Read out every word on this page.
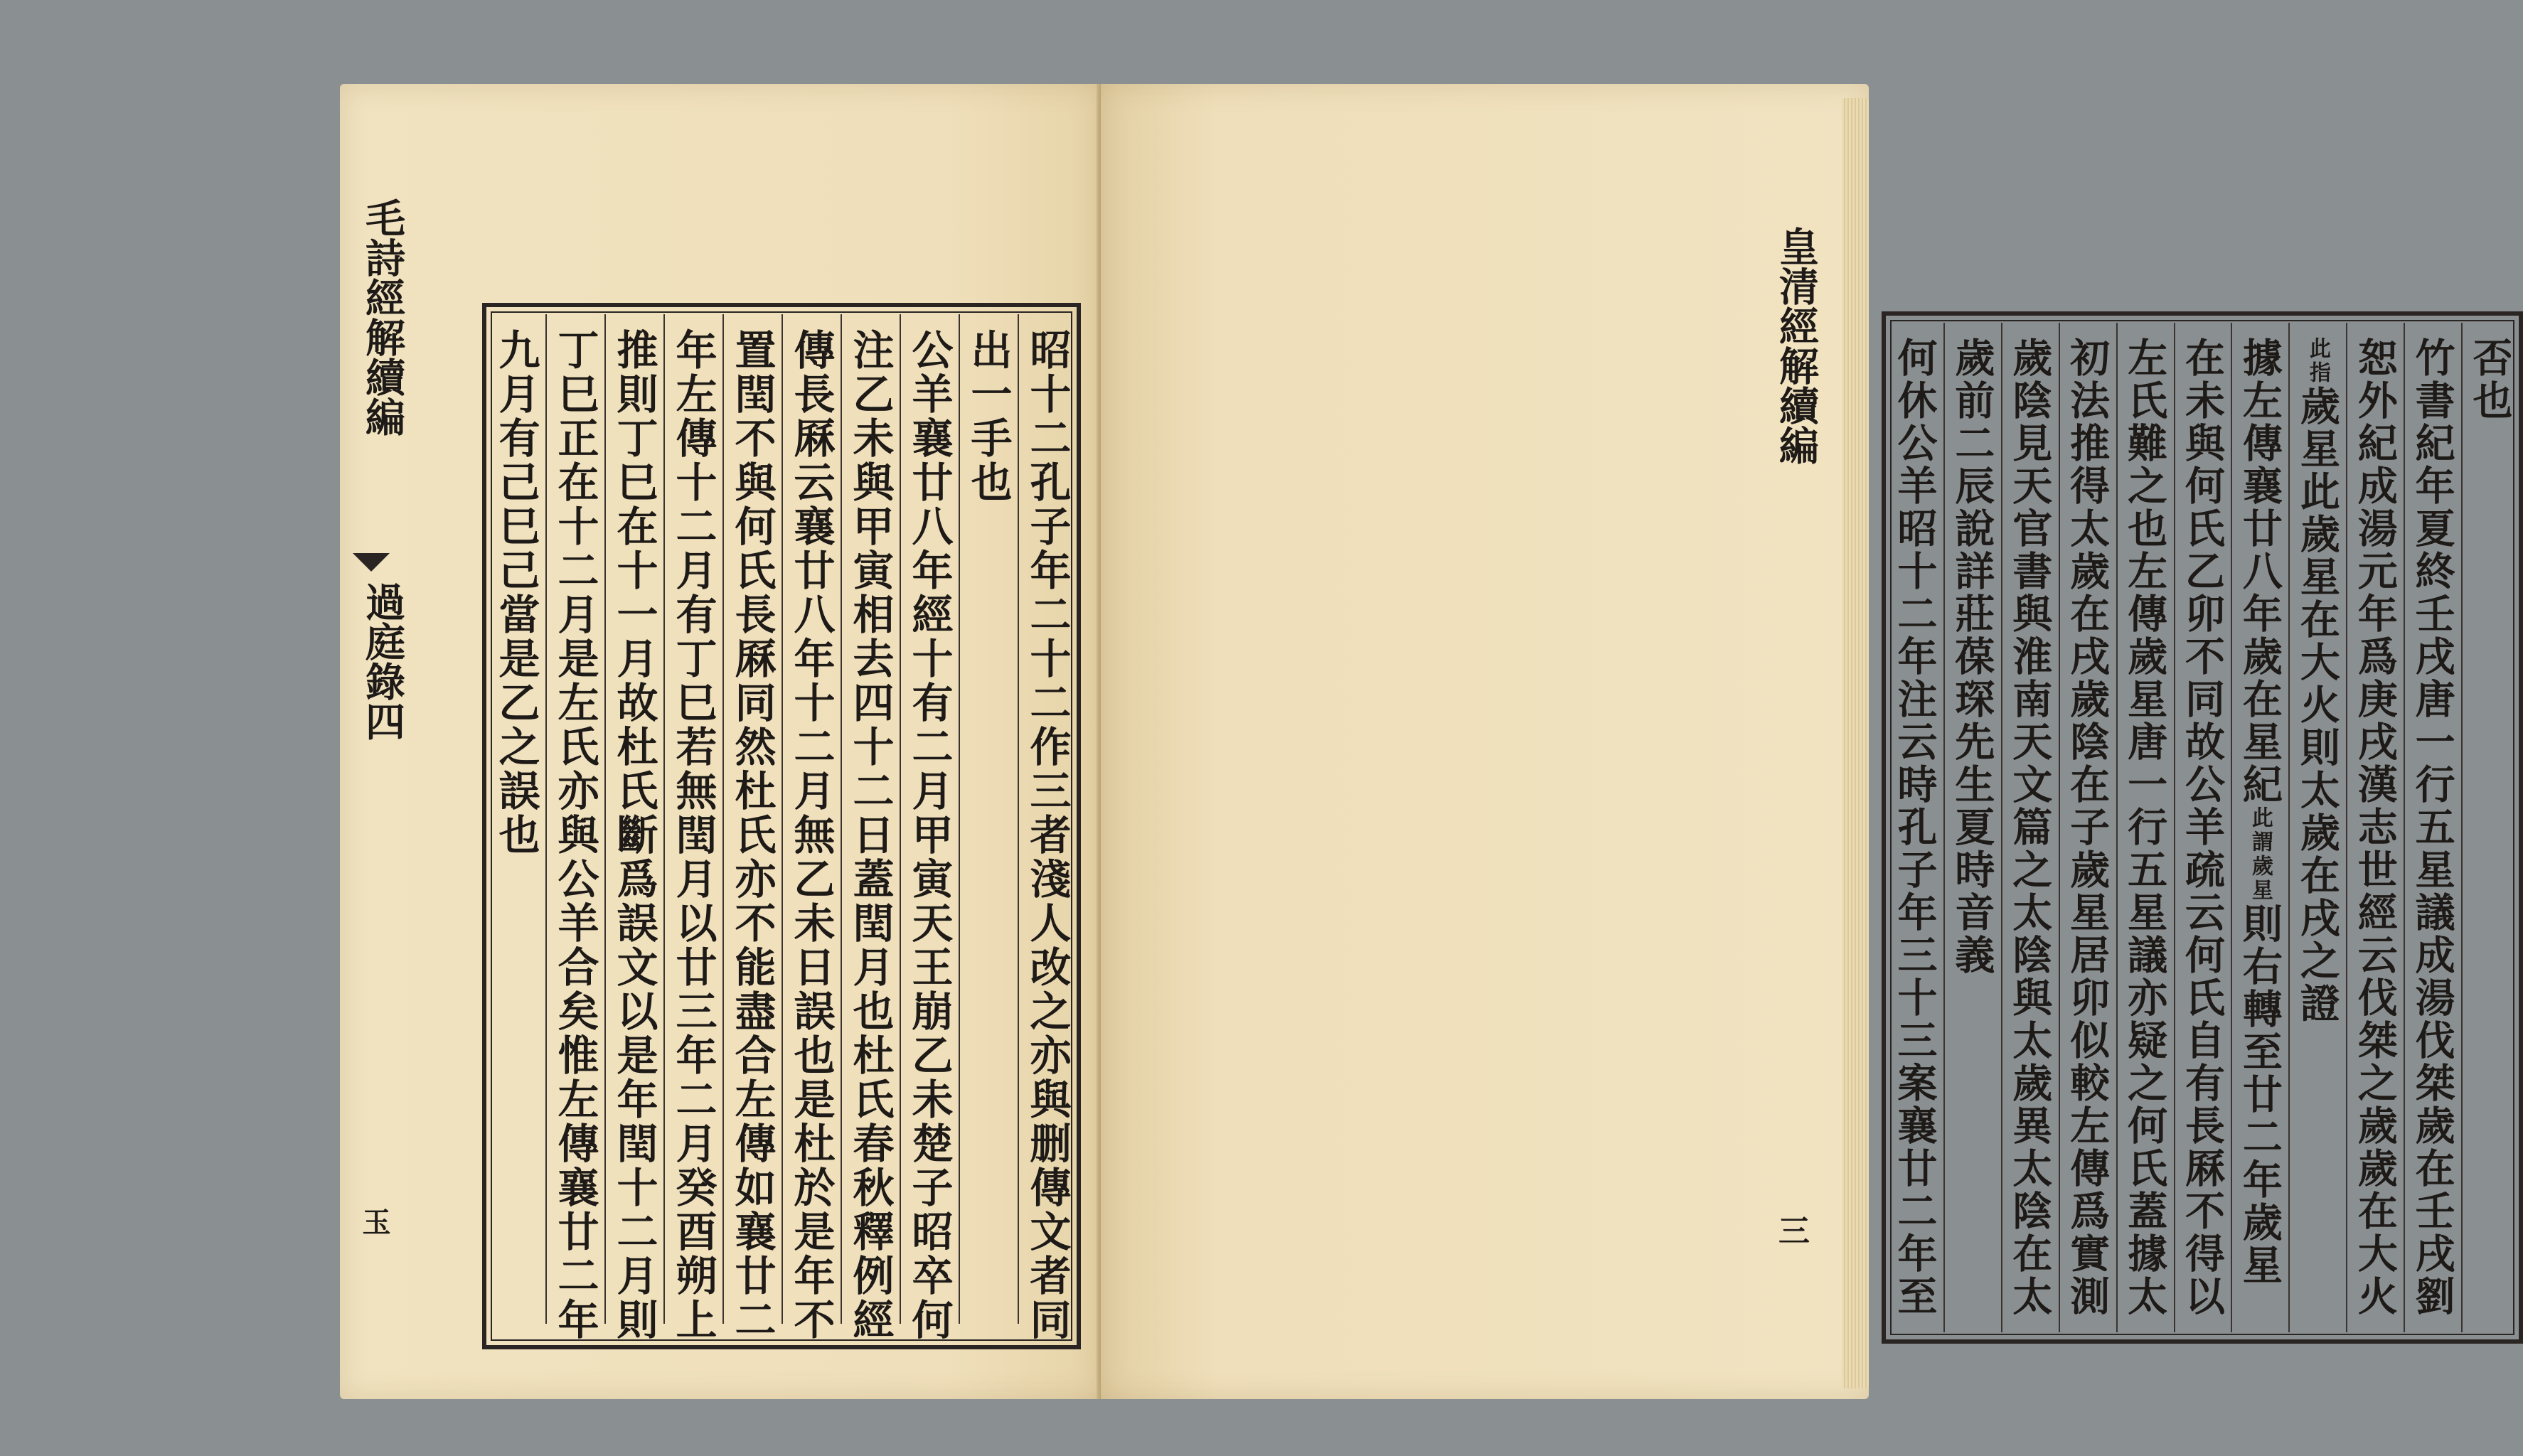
毛詩經解續編
過庭錄四
玉	昭十二孔子年二十二作三者淺人改之亦與删傳文者同
出一手也
公羊襄廿八年經十有二月甲寅天王崩乙未楚子昭卒何
注乙未與甲寅相去四十二日蓋閏月也杜氏春秋釋例經
傳長厤云襄廿八年十二月無乙未日誤也是杜於是年不
置閏不與何氏長厤同然杜氏亦不能盡合左傳如襄廿二
年左傳十二月有丁巳若無閏月以廿三年二月癸酉朔上
推則丁巳在十一月故杜氏斷爲誤文以是年閏十二月則
丁巳正在十二月是左氏亦與公羊合矣惟左傳襄廿二年
九月有己巳己當是乙之誤也	否也
竹書紀年夏終壬戌唐一行五星議成湯伐桀歲在壬戌劉
恕外紀成湯元年爲庚戌漢志世經云伐桀之歲歲在大火
此指歲星此歲星在大火則太歲在戌之證
據左傳襄廿八年歲在星紀此謂歲星則右轉至廿二年歲星
在未與何氏乙卯不同故公羊疏云何氏自有長厤不得以
左氏難之也左傳歲星唐一行五星議亦疑之何氏蓋據太
初法推得太歲在戌歲陰在子歲星居卯似較左傳爲實測
歲陰見天官書與淮南天文篇之太陰與太歲異太陰在太
歲前二辰說詳莊葆琛先生夏時音義
何休公羊昭十二年注云時孔子年三十三案襄廿二年至
皇清經解續編
三
